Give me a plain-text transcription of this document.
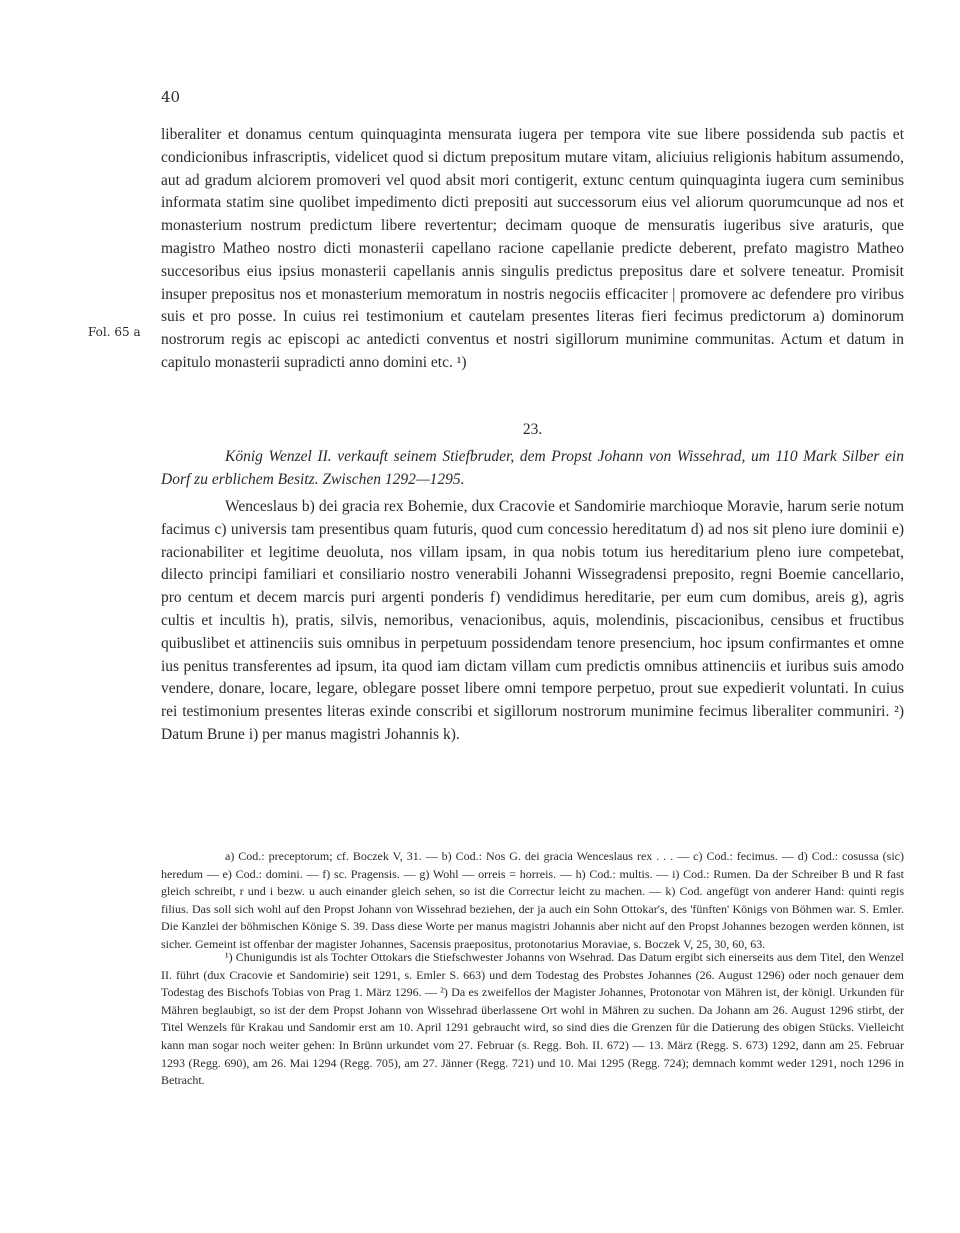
40
Fol. 65 a

liberaliter et donamus centum quinquaginta mensurata iugera per tempora vite sue libere possidenda sub pactis et condicionibus infrascriptis, videlicet quod si dictum prepositum mutare vitam, aliciuius religionis habitum assumendo, aut ad gradum alciorem promoveri vel quod absit mori contigerit, extunc centum quinquaginta iugera cum seminibus informata statim sine quolibet impedimento dicti prepositi aut successorum eius vel aliorum quorumcunque ad nos et monasterium nostrum predictum libere revertentur; decimam quoque de mensuratis iugeribus sive araturis, que magistro Matheo nostro dicti monasterii capellano racione capellanie predicte deberent, prefato magistro Matheo succesoribus eius ipsius monasterii capellanis annis singulis predictus prepositus dare et solvere teneatur. Promisit insuper prepositus nos et monasterium memoratum in nostris negociis efficaciter | promovere ac defendere pro viribus suis et pro posse. In cuius rei testimonium et cautelam presentes literas fieri fecimus predictorum a) dominorum nostrorum regis ac episcopi ac antedicti conventus et nostri sigillorum munimine communitas. Actum et datum in capitulo monasterii supradicti anno domini etc. ¹)

23.

König Wenzel II. verkauft seinem Stiefbruder, dem Propst Johann von Wissehrad, um 110 Mark Silber ein Dorf zu erblichem Besitz. Zwischen 1292—1295.

Wenceslaus b) dei gracia rex Bohemie, dux Cracovie et Sandomirie marchioque Moravie, harum serie notum facimus c) universis tam presentibus quam futuris, quod cum concessio hereditatum d) ad nos sit pleno iure dominii e) racionabiliter et legitime deuoluta, nos villam ipsam, in qua nobis totum ius hereditarium pleno iure competebat, dilecto principi familiari et consiliario nostro venerabili Johanni Wissegradensi preposito, regni Boemie cancellario, pro centum et decem marcis puri argenti ponderis f) vendidimus hereditarie, per eum cum domibus, areis g), agris cultis et incultis h), pratis, silvis, nemoribus, venacionibus, aquis, molendinis, piscacionibus, censibus et fructibus quibuslibet et attinenciis suis omnibus in perpetuum possidendam tenore presencium, hoc ipsum confirmantes et omne ius penitus transferentes ad ipsum, ita quod iam dictam villam cum predictis omnibus attinenciis et iuribus suis amodo vendere, donare, locare, legare, oblegare posset libere omni tempore perpetuo, prout sue expedierit voluntati. In cuius rei testimonium presentes literas exinde conscribi et sigillorum nostrorum munimine fecimus liberaliter communiri. ²) Datum Brune i) per manus magistri Johannis k).

a) Cod.: preceptorum; cf. Boczek V, 31. — b) Cod.: Nos G. dei gracia Wenceslaus rex . . . — c) Cod.: fecimus. — d) Cod.: cosussa (sic) heredum — e) Cod.: domini. — f) sc. Pragensis. — g) Wohl — orreis = horreis. — h) Cod.: multis. — i) Cod.: Rumen. Da der Schreiber B und R fast gleich schreibt, r und i bezw. u auch einander gleich sehen, so ist die Correctur leicht zu machen. — k) Cod. angefügt von anderer Hand: quinti regis filius. Das soll sich wohl auf den Propst Johann von Wissehrad beziehen, der ja auch ein Sohn Ottokar's, des 'fünften' Königs von Böhmen war. S. Emler. Die Kanzlei der böhmischen Könige S. 39. Dass diese Worte per manus magistri Johannis aber nicht auf den Propst Johannes bezogen werden können, ist sicher. Gemeint ist offenbar der magister Johannes, Sacensis praepositus, protonotarius Moraviae, s. Boczek V, 25, 30, 60, 63.

¹) Chunigundis ist als Tochter Ottokars die Stiefschwester Johanns von Wsehrad. Das Datum ergibt sich einerseits aus dem Titel, den Wenzel II. führt (dux Cracovie et Sandomirie) seit 1291, s. Emler S. 663) und dem Todestag des Probstes Johannes (26. August 1296) oder noch genauer dem Todestag des Bischofs Tobias von Prag 1. März 1296. — ²) Da es zweifellos der Magister Johannes, Protonotar von Mähren ist, der königl. Urkunden für Mähren beglaubigt, so ist der dem Propst Johann von Wissehrad überlassene Ort wohl in Mähren zu suchen. Da Johann am 26. August 1296 stirbt, der Titel Wenzels für Krakau und Sandomir erst am 10. April 1291 gebraucht wird, so sind dies die Grenzen für die Datierung des obigen Stücks. Vielleicht kann man sogar noch weiter gehen: In Brünn urkundet vom 27. Februar (s. Regg. Boh. II. 672) — 13. März (Regg. S. 673) 1292, dann am 25. Februar 1293 (Regg. 690), am 26. Mai 1294 (Regg. 705), am 27. Jänner (Regg. 721) und 10. Mai 1295 (Regg. 724); demnach kommt weder 1291, noch 1296 in Betracht.
